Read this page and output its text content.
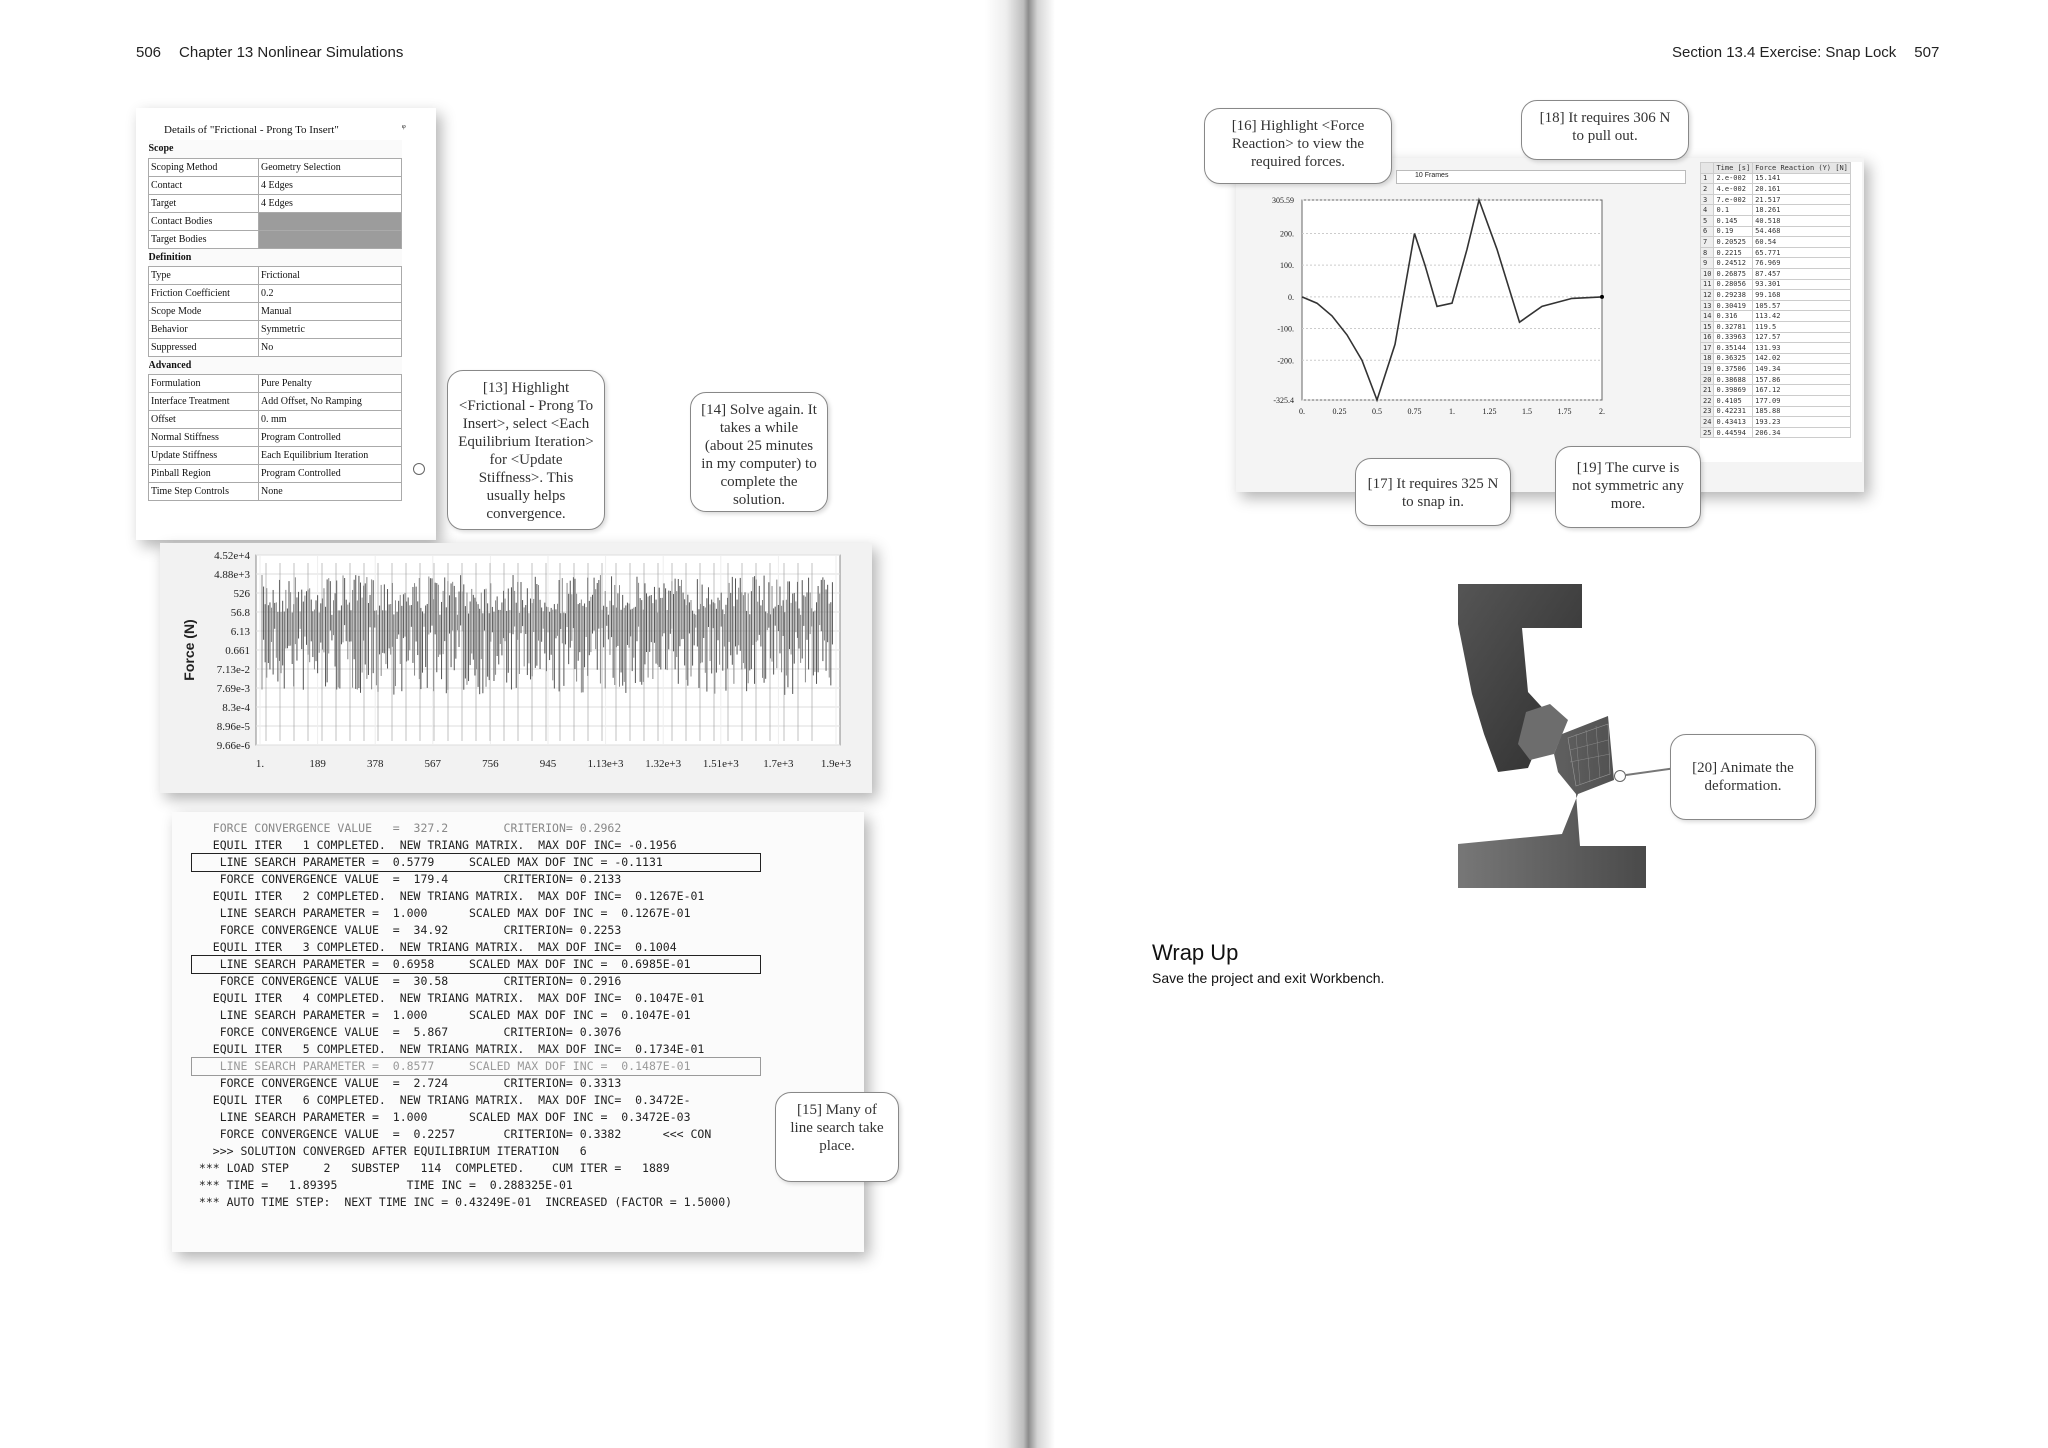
506 Chapter 13 Nonlinear Simulations
Details of "Frictional - Prong To Insert"	ᵠ
Scope	
Scoping Method	Geometry Selection
Contact	4 Edges
Target	4 Edges
Contact Bodies	
Target Bodies	
Definition	
Type	Frictional
Friction Coefficient	0.2
Scope Mode	Manual
Behavior	Symmetric
Suppressed	No
Advanced	
Formulation	Pure Penalty
Interface Treatment	Add Offset, No Ramping
Offset	0. mm
Normal Stiffness	Program Controlled
Update Stiffness	Each Equilibrium Iteration
Pinball Region	Program Controlled
Time Step Controls	None
[13] Highlight <Frictional - Prong To Insert>, select <Each Equilibrium Iteration> for <Update Stiffness>. This usually helps convergence.
[14] Solve again. It takes a while (about 25 minutes in my computer) to complete the solution.
Force (N)
4.52e+4
4.88e+3
526
56.8
6.13
0.661
7.13e-2
7.69e-3
8.3e-4
8.96e-5
9.66e-6
1.	189	378	567	756	945	1.13e+3 1.32e+3 1.51e+3 1.7e+3 1.9e+3
FORCE CONVERGENCE VALUE   =  327.2        CRITERION= 0.2962
EQUIL ITER   1 COMPLETED.  NEW TRIANG MATRIX.  MAX DOF INC= -0.1956
LINE SEARCH PARAMETER =  0.5779     SCALED MAX DOF INC = -0.1131
FORCE CONVERGENCE VALUE  =  179.4        CRITERION= 0.2133
EQUIL ITER   2 COMPLETED.  NEW TRIANG MATRIX.  MAX DOF INC=  0.1267E-01
LINE SEARCH PARAMETER =  1.000      SCALED MAX DOF INC =  0.1267E-01
FORCE CONVERGENCE VALUE  =  34.92        CRITERION= 0.2253
EQUIL ITER   3 COMPLETED.  NEW TRIANG MATRIX.  MAX DOF INC=  0.1004
LINE SEARCH PARAMETER =  0.6958     SCALED MAX DOF INC =  0.6985E-01
FORCE CONVERGENCE VALUE  =  30.58        CRITERION= 0.2916
EQUIL ITER   4 COMPLETED.  NEW TRIANG MATRIX.  MAX DOF INC=  0.1047E-01
LINE SEARCH PARAMETER =  1.000      SCALED MAX DOF INC =  0.1047E-01
FORCE CONVERGENCE VALUE  =  5.867        CRITERION= 0.3076
EQUIL ITER   5 COMPLETED.  NEW TRIANG MATRIX.  MAX DOF INC=  0.1734E-01
LINE SEARCH PARAMETER =  0.8577     SCALED MAX DOF INC =  0.1487E-01
FORCE CONVERGENCE VALUE  =  2.724        CRITERION= 0.3313
EQUIL ITER   6 COMPLETED.  NEW TRIANG MATRIX.  MAX DOF INC=  0.3472E-
LINE SEARCH PARAMETER =  1.000      SCALED MAX DOF INC =  0.3472E-03
FORCE CONVERGENCE VALUE  =  0.2257       CRITERION= 0.3382      <<< CON
>>> SOLUTION CONVERGED AFTER EQUILIBRIUM ITERATION   6
*** LOAD STEP     2   SUBSTEP   114  COMPLETED.    CUM ITER =   1889
*** TIME =   1.89395          TIME INC =  0.288325E-01
*** AUTO TIME STEP:  NEXT TIME INC = 0.43249E-01  INCREASED (FACTOR = 1.5000)
[15] Many of line search take place.
Section 13.4 Exercise: Snap Lock 507
10 Frames
305.59
200.
100.
0.
-100.
-200.
-325.4
0.	0.25	0.5	0.75	1.	1.25	1.5	1.75	2.
	Time [s]	Force Reaction (Y) [N]
1	2.e-002	15.141
2	4.e-002	20.161
3	7.e-002	21.517
4	0.1	18.261
5	0.145	40.518
6	0.19	54.468
7	0.20525	60.54
8	0.2215	65.771
9	0.24512	76.969
10	0.26875	87.457
11	0.28056	93.301
12	0.29238	99.168
13	0.30419	105.57
14	0.316	113.42
15	0.32781	119.5
16	0.33963	127.57
17	0.35144	131.93
18	0.36325	142.02
19	0.37506	149.34
20	0.38688	157.86
21	0.39869	167.12
22	0.4105	177.09
23	0.42231	185.88
24	0.43413	193.23
25	0.44594	206.34
[16] Highlight <Force Reaction> to view the required forces.
[18] It requires 306 N to pull out.
[17] It requires 325 N to snap in.
[19] The curve is not symmetric any more.
[20] Animate the deformation.
Wrap Up
Save the project and exit Workbench.
